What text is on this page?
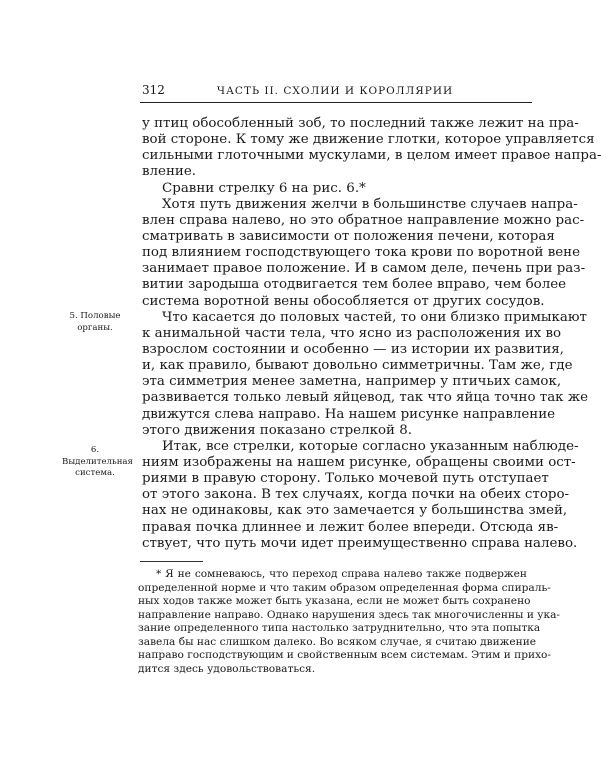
312	ЧАСТЬ II. СХОЛИИ И КОРОЛЛЯРИИ
у птиц обособленный зоб, то последний также лежит на пра-
вой стороне. К тому же движение глотки, которое управляется
сильными глоточными мускулами, в целом имеет правое напра-
вление.
Сравни стрелку 6 на рис. 6.*
Хотя путь движения желчи в большинстве случаев напра-
влен справа налево, но это обратное направление можно рас-
сматривать в зависимости от положения печени, которая
под влиянием господствующего тока крови по воротной вене
занимает правое положение. И в самом деле, печень при раз-
витии зародыша отодвигается тем более вправо, чем более
система воротной вены обособляется от других сосудов.
Что касается до половых частей, то они близко примыкают
к анимальной части тела, что ясно из расположения их во
взрослом состоянии и особенно — из истории их развития,
и, как правило, бывают довольно симметричны. Там же, где
эта симметрия менее заметна, например у птичьих самок,
развивается только левый яйцевод, так что яйца точно так же
движутся слева направо. На нашем рисунке направление
этого движения показано стрелкой 8.
Итак, все стрелки, которые согласно указанным наблюде-
ниям изображены на нашем рисунке, обращены своими ост-
риями в правую сторону. Только мочевой путь отступает
от этого закона. В тех случаях, когда почки на обеих сторо-
нах не одинаковы, как это замечается у большинства змей,
правая почка длиннее и лежит более впереди. Отсюда яв-
ствует, что путь мочи идет преимущественно справа налево.
5. Половые органы.
6. Выделительная система.
* Я не сомневаюсь, что переход справа налево также подвержен
определенной норме и что таким образом определенная форма спираль-
ных ходов также может быть указана, если не может быть сохранено
направление направо. Однако нарушения здесь так многочисленны и ука-
зание определенного типа настолько затруднительно, что эта попытка
завела бы нас слишком далеко. Во всяком случае, я считаю движение
направо господствующим и свойственным всем системам. Этим и прихо-
дится здесь удовольствоваться.
